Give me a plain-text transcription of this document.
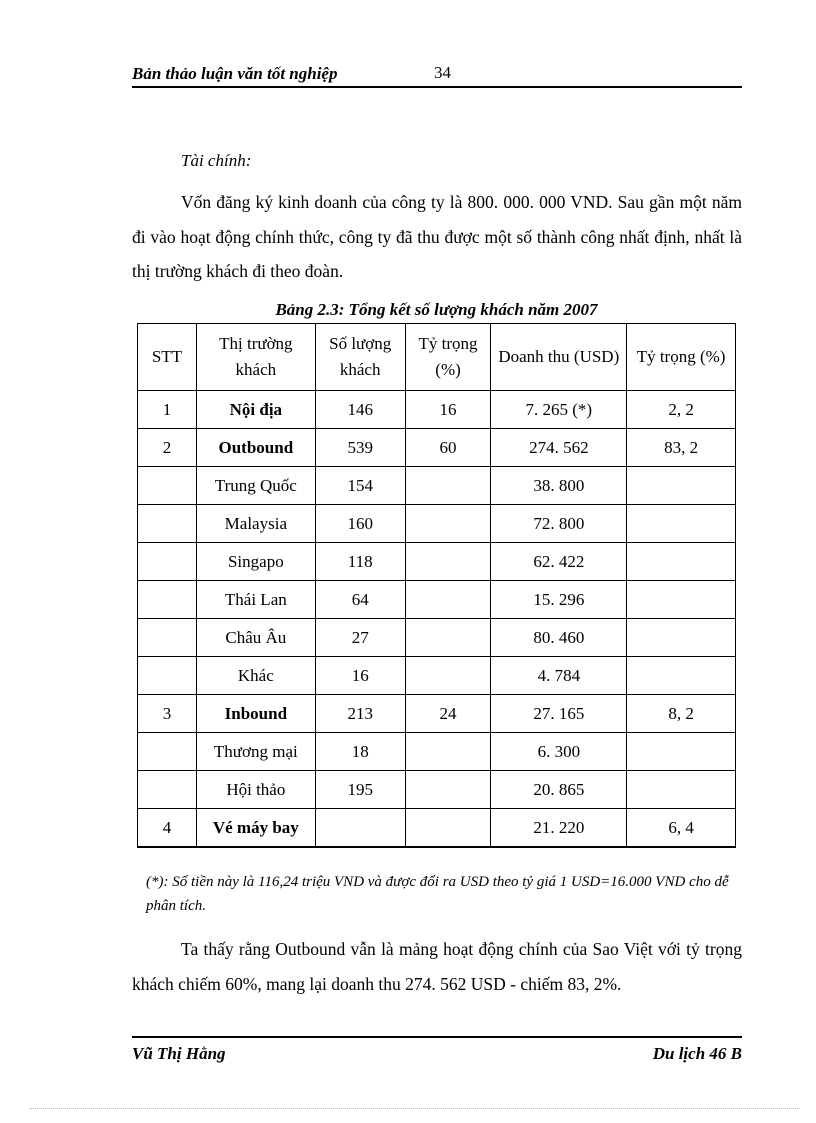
Bản thảo luận văn tốt nghiệp	34
Tài chính:
Vốn đăng ký kinh doanh của công ty là 800. 000. 000 VND. Sau gần một năm đi vào hoạt động chính thức, công ty đã thu được một số thành công nhất định, nhất là thị trường khách đi theo đoàn.
Bảng 2.3: Tổng kết số lượng khách năm 2007
STT	Thị trường khách	Số lượng khách	Tỷ trọng (%)	Doanh thu (USD)	Tỷ trọng (%)
1	Nội địa	146	16	7. 265 (*)	2, 2
2	Outbound	539	60	274. 562	83, 2
	Trung Quốc	154		38. 800	
	Malaysia	160		72. 800	
	Singapo	118		62. 422	
	Thái Lan	64		15. 296	
	Châu Âu	27		80. 460	
	Khác	16		4. 784	
3	Inbound	213	24	27. 165	8, 2
	Thương mại	18		6. 300	
	Hội thảo	195		20. 865	
4	Vé máy bay			21. 220	6, 4
(*): Số tiền này là 116,24 triệu VND và được đổi ra USD theo tỷ giá 1 USD=16.000 VND cho dễ phân tích.
Ta thấy rằng Outbound vẫn là mảng hoạt động chính của Sao Việt với tỷ trọng khách chiếm 60%, mang lại doanh thu 274. 562 USD - chiếm 83, 2%.
Vũ Thị Hằng	Du lịch 46 B
